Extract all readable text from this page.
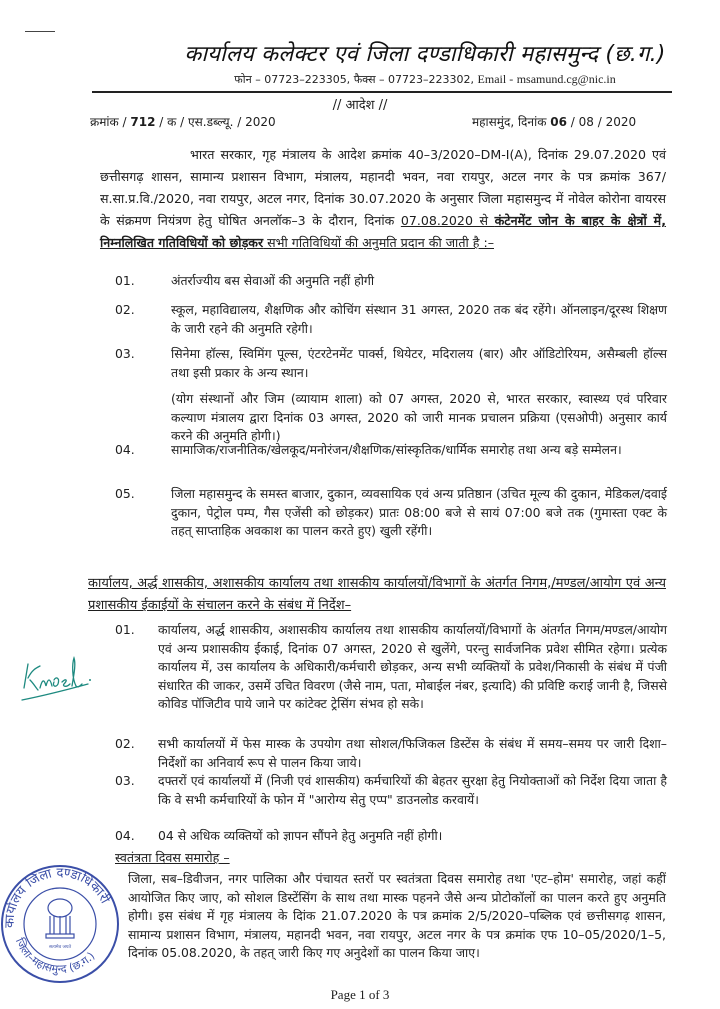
कार्यालय कलेक्टर एवं जिला दण्डाधिकारी महासमुन्द (छ.ग.)
फोन – 07723–223305, फैक्स – 07723–223302, Email - msamund.cg@nic.in
// आदेश //
क्रमांक / 712 / क / एस.डब्ल्यू. / 2020	महासमुंद, दिनांक 06 / 08 / 2020
भारत सरकार, गृह मंत्रालय के आदेश क्रमांक 40–3/2020–DM-I(A), दिनांक 29.07.2020 एवं छत्तीसगढ़ शासन, सामान्य प्रशासन विभाग, मंत्रालय, महानदी भवन, नवा रायपुर, अटल नगर के पत्र क्रमांक 367/स.सा.प्र.वि./2020, नवा रायपुर, अटल नगर, दिनांक 30.07.2020 के अनुसार जिला महासमुन्द में नोवेल कोरोना वायरस के संक्रमण नियंत्रण हेतु घोषित अनलॉक–3 के दौरान, दिनांक 07.08.2020 से कंटेनमेंट जोन के बाहर के क्षेत्रों में, निम्नलिखित गतिविधियों को छोड़कर सभी गतिविधियों की अनुमति प्रदान की जाती है :–
01.	अंतर्राज्यीय बस सेवाओं की अनुमति नहीं होगी
02.	स्कूल, महाविद्यालय, शैक्षणिक और कोचिंग संस्थान 31 अगस्त, 2020 तक बंद रहेंगे। ऑनलाइन/दूरस्थ शिक्षण के जारी रहने की अनुमति रहेगी।
03.	सिनेमा हॉल्स, स्विमिंग पूल्स, एंटरटेनमेंट पार्क्स, थियेटर, मदिरालय (बार) और ऑडिटोरियम, असैम्बली हॉल्स तथा इसी प्रकार के अन्य स्थान।
(योग संस्थानों और जिम (व्यायाम शाला) को 07 अगस्त, 2020 से, भारत सरकार, स्वास्थ्य एवं परिवार कल्याण मंत्रालय द्वारा दिनांक 03 अगस्त, 2020 को जारी मानक प्रचालन प्रक्रिया (एसओपी) अनुसार कार्य करने की अनुमति होगी।)
04.	सामाजिक/राजनीतिक/खेलकूद/मनोरंजन/शैक्षणिक/सांस्कृतिक/धार्मिक समारोह तथा अन्य बड़े सम्मेलन।
05.	जिला महासमुन्द के समस्त बाजार, दुकान, व्यवसायिक एवं अन्य प्रतिष्ठान (उचित मूल्य की दुकान, मेडिकल/दवाई दुकान, पेट्रोल पम्प, गैस एजेंसी को छोड़कर) प्रातः 08:00 बजे से सायं 07:00 बजे तक (गुमास्ता एक्ट के तहत् साप्ताहिक अवकाश का पालन करते हुए) खुली रहेंगी।
कार्यालय, अर्द्ध शासकीय, अशासकीय कार्यालय तथा शासकीय कार्यालयों/विभागों के अंतर्गत निगम,/मण्डल/आयोग एवं अन्य प्रशासकीय ईकाईयों के संचालन करने के संबंध में निर्देश–
01.	कार्यालय, अर्द्ध शासकीय, अशासकीय कार्यालय तथा शासकीय कार्यालयों/विभागों के अंतर्गत निगम/मण्डल/आयोग एवं अन्य प्रशासकीय ईकाई, दिनांक 07 अगस्त, 2020 से खुलेंगे, परन्तु सार्वजनिक प्रवेश सीमित रहेगा। प्रत्येक कार्यालय में, उस कार्यालय के अधिकारी/कर्मचारी छोड़कर, अन्य सभी व्यक्तियों के प्रवेश/निकासी के संबंध में पंजी संधारित की जाकर, उसमें उचित विवरण (जैसे नाम, पता, मोबाईल नंबर, इत्यादि) की प्रविष्टि कराई जानी है, जिससे कोविड पॉजिटीव पाये जाने पर कांटेक्ट ट्रेसिंग संभव हो सके।
02.	सभी कार्यालयों में फेस मास्क के उपयोग तथा सोशल/फिजिकल डिस्टेंस के संबंध में समय–समय पर जारी दिशा–निर्देशों का अनिवार्य रूप से पालन किया जाये।
03.	दफ्तरों एवं कार्यालयों में (निजी एवं शासकीय) कर्मचारियों की बेहतर सुरक्षा हेतु नियोक्ताओं को निर्देश दिया जाता है कि वे सभी कर्मचारियों के फोन में "आरोग्य सेतु एप्प" डाउनलोड करवायें।
04.	04 से अधिक व्यक्तियों को ज्ञापन सौंपने हेतु अनुमति नहीं होगी।
स्वतंत्रता दिवस समारोह –
जिला, सब–डिवीजन, नगर पालिका और पंचायत स्तरों पर स्वतंत्रता दिवस समारोह तथा 'एट–होम' समारोह, जहां कहीं आयोजित किए जाए, को सोशल डिस्टेंसिंग के साथ तथा मास्क पहनने जैसे अन्य प्रोटोकॉलों का पालन करते हुए अनुमति होगी। इस संबंध में गृह मंत्रालय के दिांक 21.07.2020 के पत्र क्रमांक 2/5/2020–पब्लिक एवं छत्तीसगढ़ शासन, सामान्य प्रशासन विभाग, मंत्रालय, महानदी भवन, नवा रायपुर, अटल नगर के पत्र क्रमांक एफ 10–05/2020/1–5, दिनांक 05.08.2020, के तहत् जारी किए गए अनुदेशों का पालन किया जाए।
कार्यालय जिला दण्डाधिकारी
जिला–महासमुन्द (छ.ग.)
सत्यमेव जयते
Page 1 of 3
